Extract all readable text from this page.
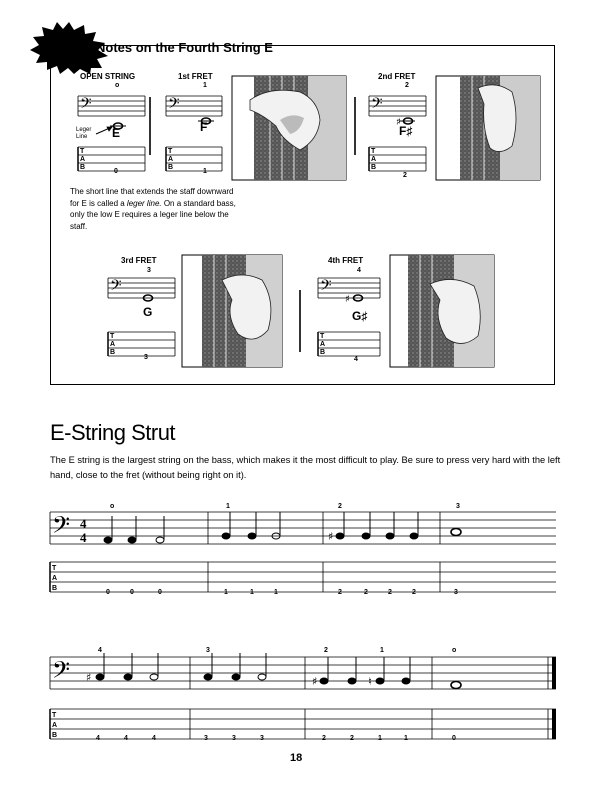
Notes on the Fourth String E
OPEN STRING	1st FRET	2nd FRET
3rd FRET	4th FRET
o	1	2
3	4
E	F	F♯
G	G♯
Leger
Line
The short line that extends the staff downward for E is called a leger line. On a standard bass, only the low E requires a leger line below the staff.
𝄢
T
A
B
0
𝄢
T
A
B
1
𝄢
♯
T
A
B
2
𝄢
T
A
B
3
𝄢
♯
T
A
B
4
E-String Strut
The E string is the largest string on the bass, which makes it the most difficult to play. Be sure to press very hard with the left hand, close to the fret (without being right on it).
𝄢 4
4
T
A
B
o	1	2	3
♯
0	0	0	1	1	1	2	2	2	2	3
𝄢
T
A
B
4	3	2	1	o
♯	♯	♮
4	4	4	3	3	3	2	2	1	1	0
18
